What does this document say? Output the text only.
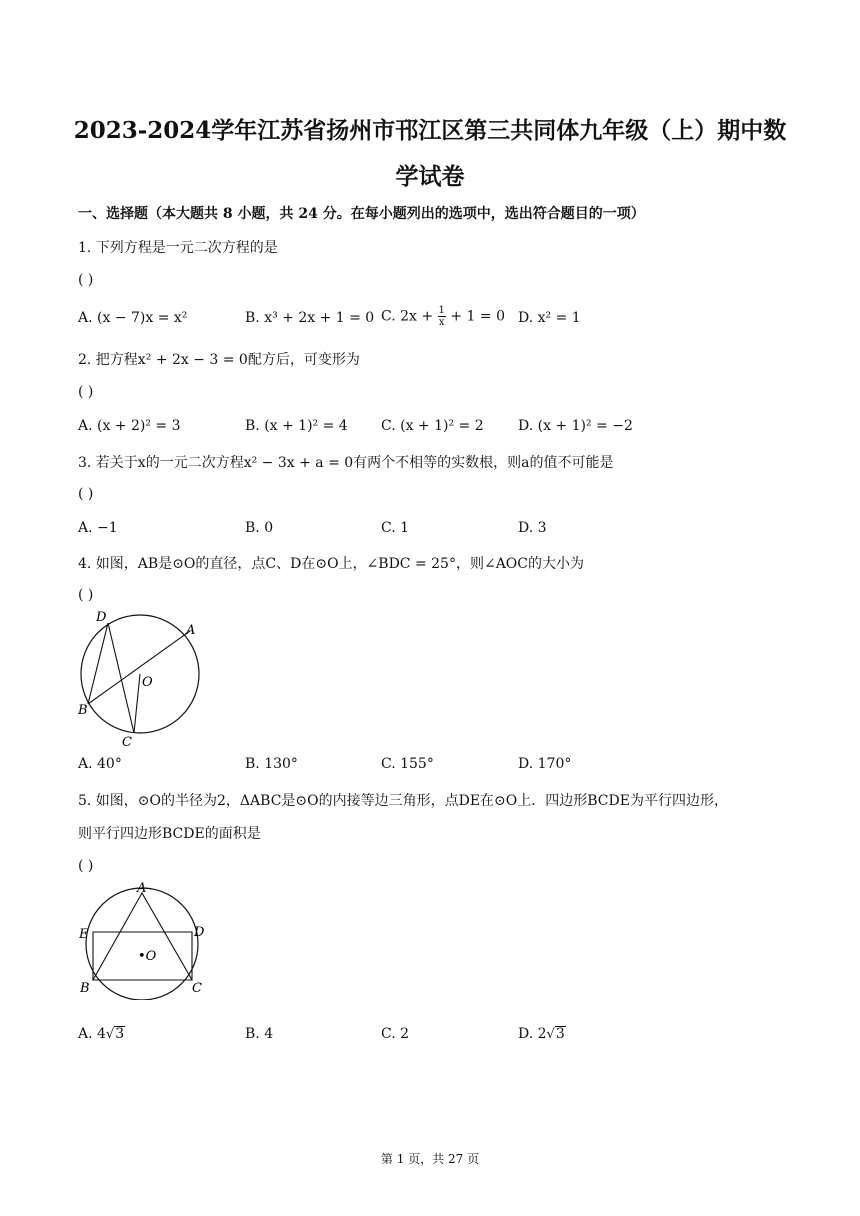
2023-2024学年江苏省扬州市邗江区第三共同体九年级（上）期中数
学试卷
一、选择题（本大题共 8 小题，共 24 分。在每小题列出的选项中，选出符合题目的一项）
1. 下列方程是一元二次方程的是
( )
A. (x − 7)x = x²	B. x³ + 2x + 1 = 0 C. $2x + \frac{1}{x} + 1 = 0$ D. x² = 1
2. 把方程x² + 2x − 3 = 0配方后，可变形为
( )
A. (x + 2)² = 3	B. (x + 1)² = 4 C. (x + 1)² = 2 D. (x + 1)² = −2
3. 若关于x的一元二次方程x² − 3x + a = 0有两个不相等的实数根，则a的值不可能是
( )
A. −1	B. 0	C. 1	D. 3
4. 如图，AB是⊙O的直径，点C、D在⊙O上，∠BDC = 25°，则∠AOC的大小为
( )
D
A
O
B
C
A. 40°	B. 130°	C. 155°	D. 170°
5. 如图，⊙O的半径为2，ΔABC是⊙O的内接等边三角形，点DE在⊙O上．四边形BCDE为平行四边形，
则平行四边形BCDE的面积是
( )
A
E	D
•O
B	C
A. 4√3	B. 4	C. 2	D. 2√3
第 1 页，共 27 页
